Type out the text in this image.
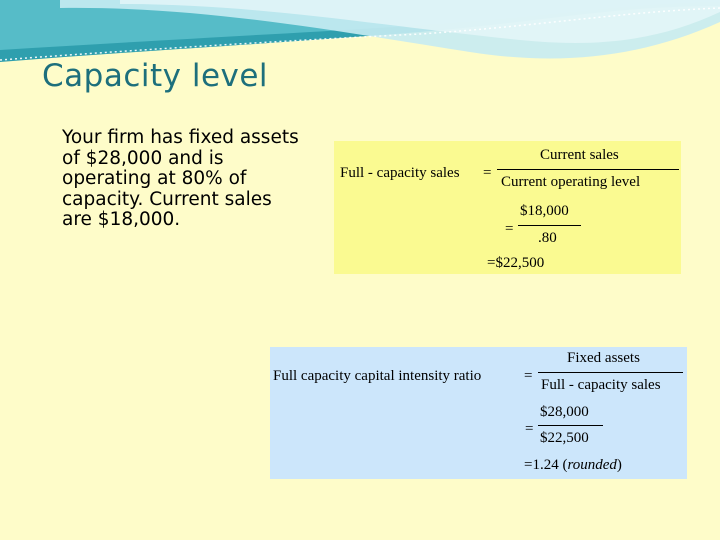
Capacity level

Your firm has fixed assets of $28,000 and is operating at 80% of capacity. Current sales are $18,000.

Full - capacity sales =
Current sales
Current operating level
=
$18,000
.80
=$22,500
Full capacity capital intensity ratio	=
Fixed assets
Full - capacity sales
=
$28,000
$22,500
=1.24 (rounded)
